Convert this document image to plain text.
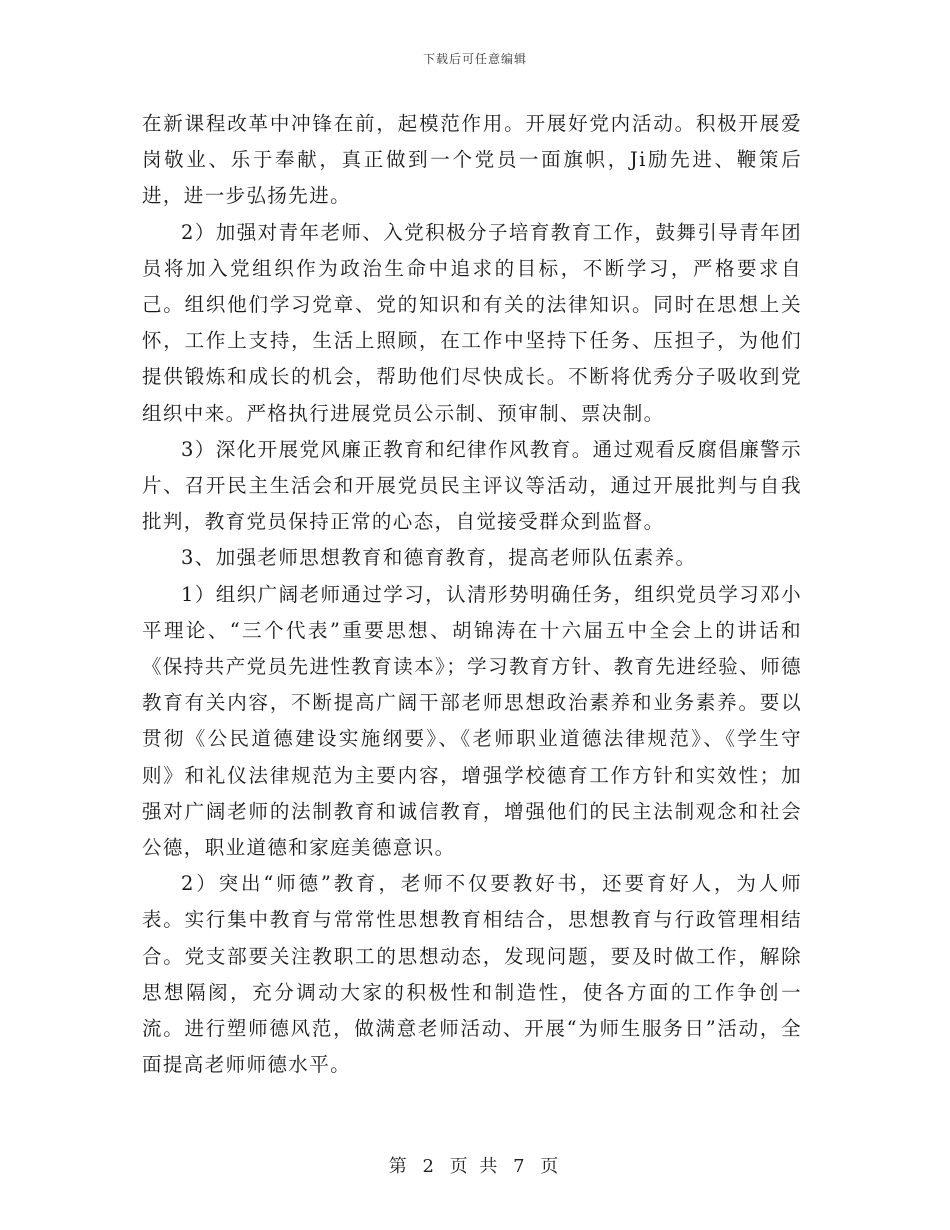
下载后可任意编辑

在新课程改革中冲锋在前，起模范作用。开展好党内活动。积极开展爱岗敬业、乐于奉献，真正做到一个党员一面旗帜，Ji励先进、鞭策后进，进一步弘扬先进。

2）加强对青年老师、入党积极分子培育教育工作，鼓舞引导青年团员将加入党组织作为政治生命中追求的目标，不断学习，严格要求自己。组织他们学习党章、党的知识和有关的法律知识。同时在思想上关怀，工作上支持，生活上照顾，在工作中坚持下任务、压担子，为他们提供锻炼和成长的机会，帮助他们尽快成长。不断将优秀分子吸收到党组织中来。严格执行进展党员公示制、预审制、票决制。

3）深化开展党风廉正教育和纪律作风教育。通过观看反腐倡廉警示片、召开民主生活会和开展党员民主评议等活动，通过开展批判与自我批判，教育党员保持正常的心态，自觉接受群众到监督。

3、加强老师思想教育和德育教育，提高老师队伍素养。

1）组织广阔老师通过学习，认清形势明确任务，组织党员学习邓小平理论、“三个代表”重要思想、胡锦涛在十六届五中全会上的讲话和《保持共产党员先进性教育读本》；学习教育方针、教育先进经验、师德教育有关内容，不断提高广阔干部老师思想政治素养和业务素养。要以贯彻《公民道德建设实施纲要》、《老师职业道德法律规范》、《学生守则》和礼仪法律规范为主要内容，增强学校德育工作方针和实效性；加强对广阔老师的法制教育和诚信教育，增强他们的民主法制观念和社会公德，职业道德和家庭美德意识。

2）突出“师德”教育，老师不仅要教好书，还要育好人，为人师表。实行集中教育与常常性思想教育相结合，思想教育与行政管理相结合。党支部要关注教职工的思想动态，发现问题，要及时做工作，解除思想隔阂，充分调动大家的积极性和制造性，使各方面的工作争创一流。进行塑师德风范，做满意老师活动、开展“为师生服务日”活动，全面提高老师师德水平。

第 2 页 共 7 页
